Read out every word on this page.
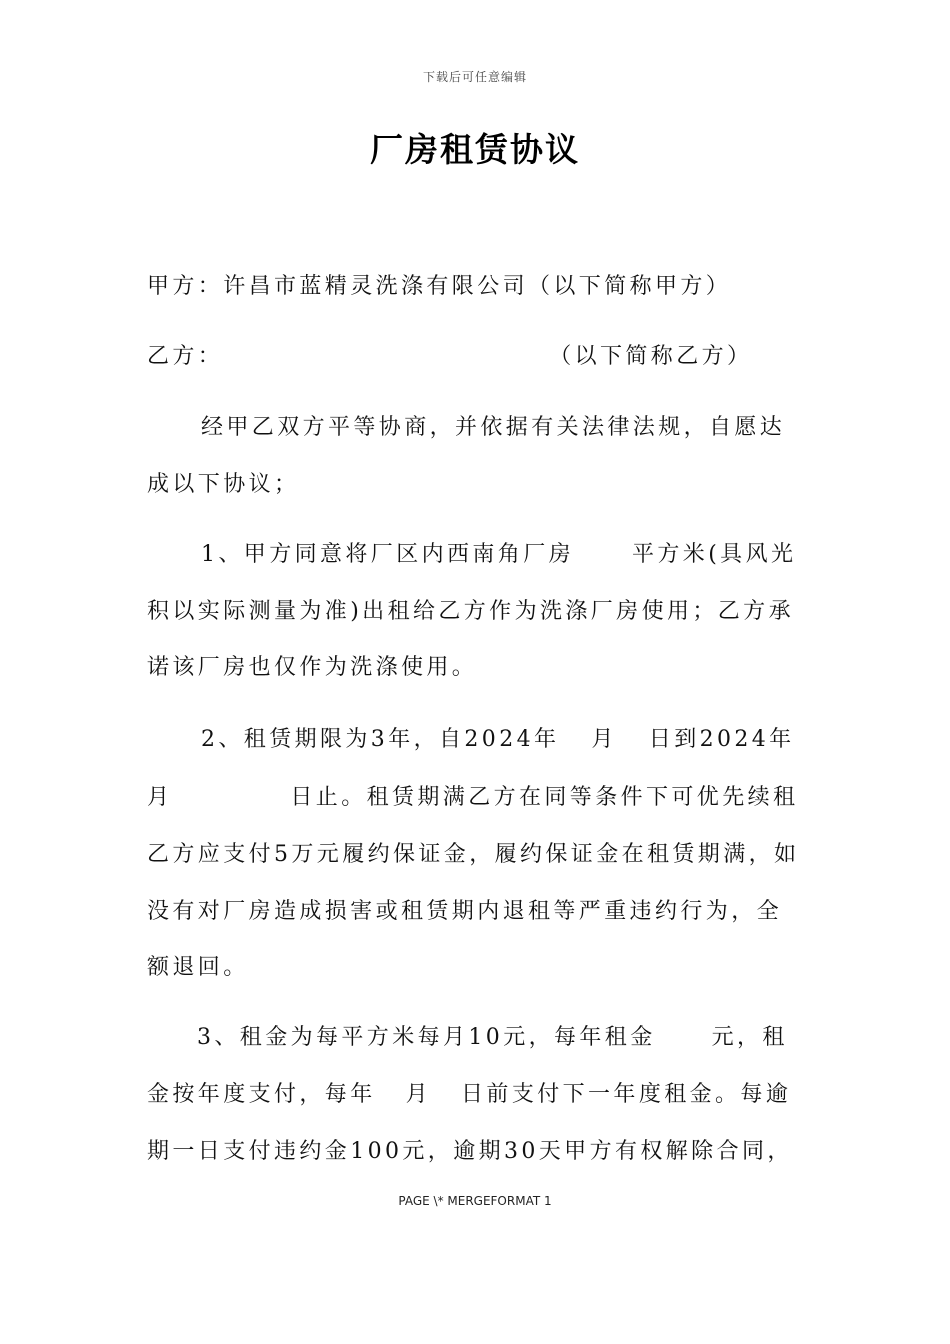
下载后可任意编辑
厂房租赁协议
甲方：许昌市蓝精灵洗涤有限公司（以下简称甲方）
乙方：	（以下简称乙方）
经甲乙双方平等协商，并依据有关法律法规，自愿达
成以下协议；
1、甲方同意将厂区内西南角厂房	平方米(具风光
积以实际测量为准)出租给乙方作为洗涤厂房使用；乙方承
诺该厂房也仅作为洗涤使用。
2、租赁期限为3年，自2024年 月 日到2024年
月	日止。租赁期满乙方在同等条件下可优先续租
乙方应支付5万元履约保证金，履约保证金在租赁期满，如
没有对厂房造成损害或租赁期内退租等严重违约行为，全
额退回。
3、租金为每平方米每月10元，每年租金	元，租
金按年度支付，每年 月 日前支付下一年度租金。每逾
期一日支付违约金100元，逾期30天甲方有权解除合同，
PAGE \* MERGEFORMAT 1
